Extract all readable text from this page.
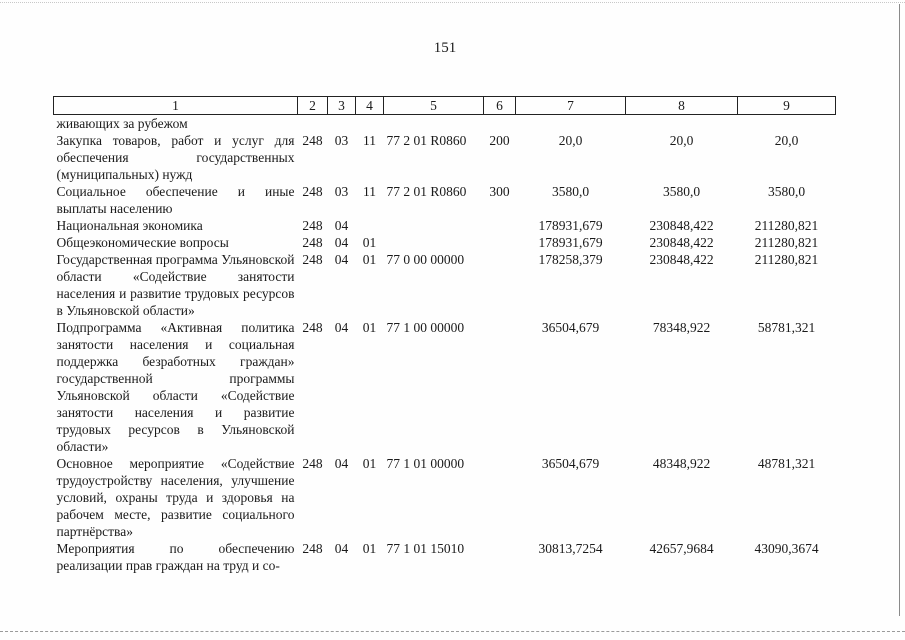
151
1	2	3	4	5	6	7	8	9
живающих за рубежом								
Закупка товаров, работ и услуг для обеспечения государственных (муниципальных) нужд	248	03	11	77 2 01 R0860	200	20,0	20,0	20,0
Социальное обеспечение и иные выплаты населению	248	03	11	77 2 01 R0860	300	3580,0	3580,0	3580,0
Национальная экономика	248	04				178931,679	230848,422	211280,821
Общеэкономические вопросы	248	04	01			178931,679	230848,422	211280,821
Государственная программа Ульяновской области «Содействие занятости населения и развитие трудовых ресурсов в Ульяновской области»	248	04	01	77 0 00 00000		178258,379	230848,422	211280,821
Подпрограмма «Активная политика занятости населения и социальная поддержка безработных граждан» государственной программы Ульяновской области «Содействие занятости населения и развитие трудовых ресурсов в Ульяновской области»	248	04	01	77 1 00 00000		36504,679	78348,922	58781,321
Основное мероприятие «Содействие трудоустройству населения, улучшение условий, охраны труда и здоровья на рабочем месте, развитие социального партнёрства»	248	04	01	77 1 01 00000		36504,679	48348,922	48781,321
Мероприятия по обеспечению реализации прав граждан на труд и со-	248	04	01	77 1 01 15010		30813,7254	42657,9684	43090,3674
